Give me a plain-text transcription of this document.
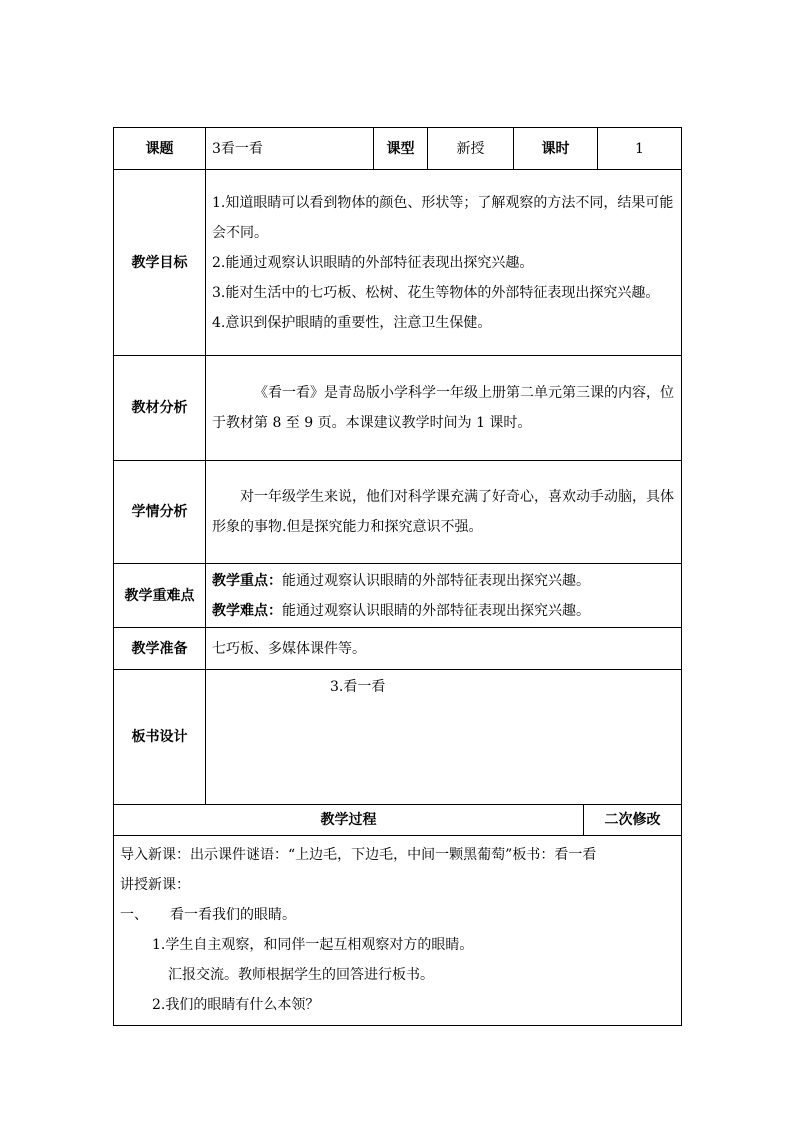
课题	3看一看	课型	新授	课时	1
教学目标	1.知道眼睛可以看到物体的颜色、形状等；了解观察的方法不同，结果可能会不同。
2.能通过观察认识眼睛的外部特征表现出探究兴趣。
3.能对生活中的七巧板、松树、花生等物体的外部特征表现出探究兴趣。
4.意识到保护眼睛的重要性，注意卫生保健。				

教材分析	《看一看》是青岛版小学科学一年级上册第二单元第三课的内容，位于教材第 8 至 9 页。本课建议教学时间为 1 课时。				

学情分析	对一年级学生来说，他们对科学课充满了好奇心，喜欢动手动脑，具体形象的事物.但是探究能力和探究意识不强。				

教学重难点	教学重点：能通过观察认识眼睛的外部特征表现出探究兴趣。
教学难点：能通过观察认识眼睛的外部特征表现出探究兴趣。				

教学准备	七巧板、多媒体课件等。				
板书设计	3.看一看				
教学过程	二次修改

导入新课：出示课件谜语：“上边毛，下边毛，中间一颗黑葡萄”板书：看一看
讲授新课：
一、 看一看我们的眼睛。
1.学生自主观察，和同伴一起互相观察对方的眼睛。
汇报交流。教师根据学生的回答进行板书。
2.我们的眼睛有什么本领？
